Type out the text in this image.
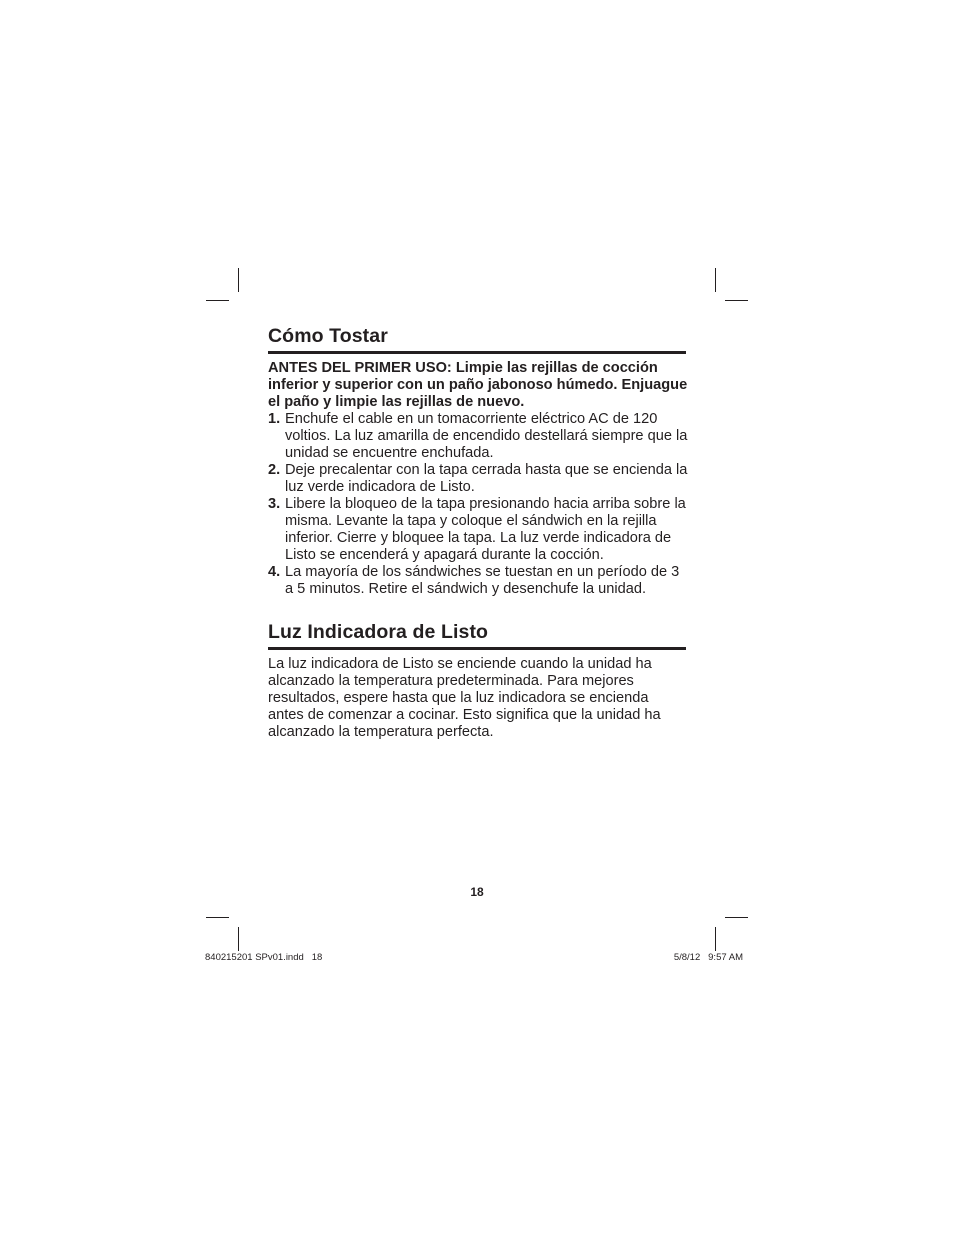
Cómo Tostar

ANTES DEL PRIMER USO: Limpie las rejillas de cocción inferior y superior con un paño jabonoso húmedo. Enjuague el paño y limpie las rejillas de nuevo.

1. Enchufe el cable en un tomacorriente eléctrico AC de 120 voltios. La luz amarilla de encendido destellará siempre que la unidad se encuentre enchufada.
2. Deje precalentar con la tapa cerrada hasta que se encienda la luz verde indicadora de Listo.
3. Libere la bloqueo de la tapa presionando hacia arriba sobre la misma. Levante la tapa y coloque el sándwich en la rejilla inferior. Cierre y bloquee la tapa. La luz verde indicadora de Listo se encenderá y apagará durante la cocción.
4. La mayoría de los sándwiches se tuestan en un período de 3 a 5 minutos. Retire el sándwich y desenchufe la unidad.
Luz Indicadora de Listo

La luz indicadora de Listo se enciende cuando la unidad ha alcanzado la temperatura predeterminada. Para mejores resultados, espere hasta que la luz indicadora se encienda antes de comenzar a cocinar. Esto significa que la unidad ha alcanzado la temperatura perfecta.

18
840215201 SPv01.indd   18	5/8/12   9:57 AM
